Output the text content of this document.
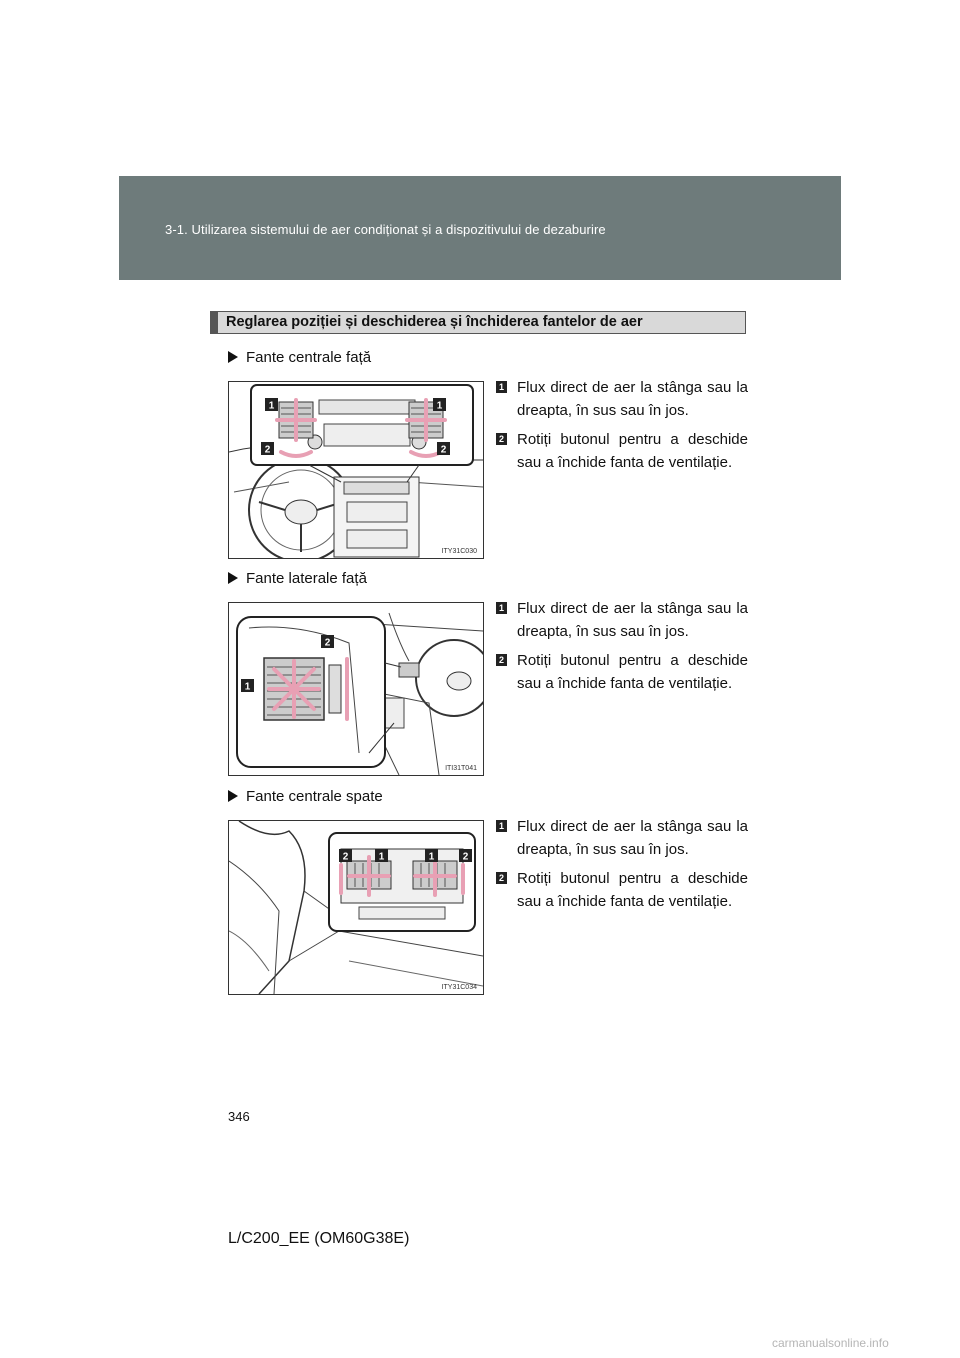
3-1. Utilizarea sistemului de aer condiționat și a dispozitivului de dezaburire
Reglarea poziției și deschiderea și închiderea fantelor de aer
Fante centrale față
1	1
2	2
ITY31C030
1 Flux direct de aer la stânga sau la dreapta, în sus sau în jos.
2 Rotiți butonul pentru a deschide sau a închide fanta de ventilație.
Fante laterale față
2
1
ITI31T041
1 Flux direct de aer la stânga sau la dreapta, în sus sau în jos.
2 Rotiți butonul pentru a deschide sau a închide fanta de ventilație.
Fante centrale spate
2	1	1	2
ITY31C034
1 Flux direct de aer la stânga sau la dreapta, în sus sau în jos.
2 Rotiți butonul pentru a deschide sau a închide fanta de ventilație.
346
L/C200_EE (OM60G38E)
carmanualsonline.info
